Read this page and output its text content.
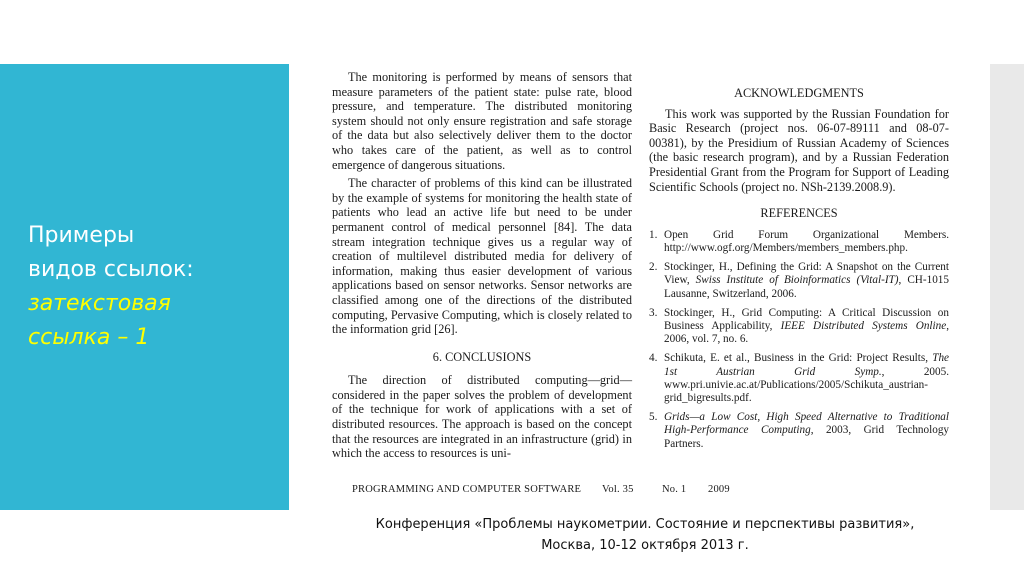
Примеры
видов ссылок:
затекстовая
ссылка – 1

The monitoring is performed by means of sensors that measure parameters of the patient state: pulse rate, blood pressure, and temperature. The distributed monitoring system should not only ensure registration and safe storage of the data but also selectively deliver them to the doctor who takes care of the patient, as well as to control emergence of dangerous situations.

The character of problems of this kind can be illustrated by the example of systems for monitoring the health state of patients who lead an active life but need to be under permanent control of medical personnel [84]. The data stream integration technique gives us a regular way of creation of multilevel distributed media for delivery of information, making thus easier development of various applications based on sensor networks. Sensor networks are classified among one of the directions of the distributed computing, Pervasive Computing, which is closely related to the information grid [26].

6. CONCLUSIONS

The direction of distributed computing—grid—considered in the paper solves the problem of development of the technique for work of applications with a set of distributed resources. The approach is based on the concept that the resources are integrated in an infrastructure (grid) in which the access to resources is uni-

ACKNOWLEDGMENTS

This work was supported by the Russian Foundation for Basic Research (project nos. 06-07-89111 and 08-07-00381), by the Presidium of Russian Academy of Sciences (the basic research program), and by a Russian Federation Presidential Grant from the Program for Support of Leading Scientific Schools (project no. NSh-2139.2008.9).

REFERENCES
1. Open Grid Forum Organizational Members. http://www.ogf.org/Members/members_members.php.
2. Stockinger, H., Defining the Grid: A Snapshot on the Current View, Swiss Institute of Bioinformatics (Vital-IT), CH-1015 Lausanne, Switzerland, 2006.
3. Stockinger, H., Grid Computing: A Critical Discussion on Business Applicability, IEEE Distributed Systems Online, 2006, vol. 7, no. 6.
4. Schikuta, E. et al., Business in the Grid: Project Results, The 1st Austrian Grid Symp., 2005. www.pri.univie.ac.at/Publications/2005/Schikuta_austrian-grid_bigresults.pdf.
5. Grids—a Low Cost, High Speed Alternative to Traditional High-Performance Computing, 2003, Grid Technology Partners.
PROGRAMMING AND COMPUTER SOFTWARE Vol. 35	No. 1 2009
Конференция «Проблемы наукометрии. Состояние и перспективы развития»,
Москва, 10-12 октября 2013 г.
